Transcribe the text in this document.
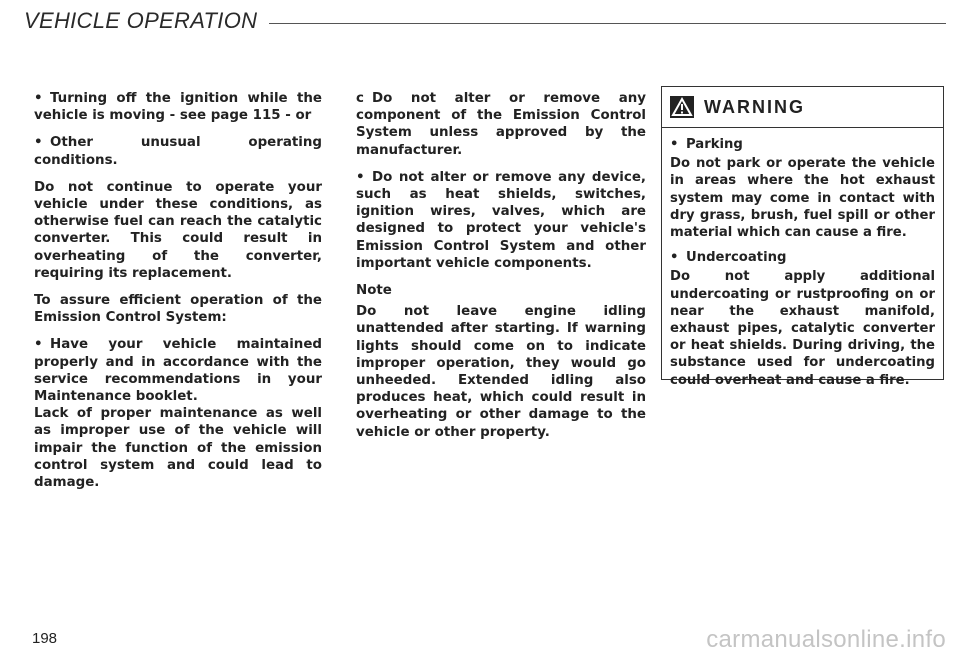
VEHICLE OPERATION

• Turning off the ignition while the vehicle is moving - see page 115 - or

• Other unusual operating conditions.

Do not continue to operate your vehicle under these conditions, as otherwise fuel can reach the catalytic converter. This could result in overheating of the converter, requiring its replacement.

To assure efficient operation of the Emission Control System:

• Have your vehicle maintained properly and in accordance with the service recommendations in your Maintenance booklet.

Lack of proper maintenance as well as improper use of the vehicle will impair the function of the emission control system and could lead to damage.

c Do not alter or remove any component of the Emission Control System unless approved by the manufacturer.

• Do not alter or remove any device, such as heat shields, switches, ignition wires, valves, which are designed to protect your vehicle's Emission Control System and other important vehicle components.

Note

Do not leave engine idling unattended after starting. If warning lights should come on to indicate improper operation, they would go unheeded. Extended idling also produces heat, which could result in overheating or other damage to the vehicle or other property.

WARNING

• Parking

Do not park or operate the vehicle in areas where the hot exhaust system may come in contact with dry grass, brush, fuel spill or other material which can cause a fire.

• Undercoating

Do not apply additional undercoating or rustproofing on or near the exhaust manifold, exhaust pipes, catalytic converter or heat shields. During driving, the substance used for undercoating could overheat and cause a fire.

198	carmanualsonline.info
